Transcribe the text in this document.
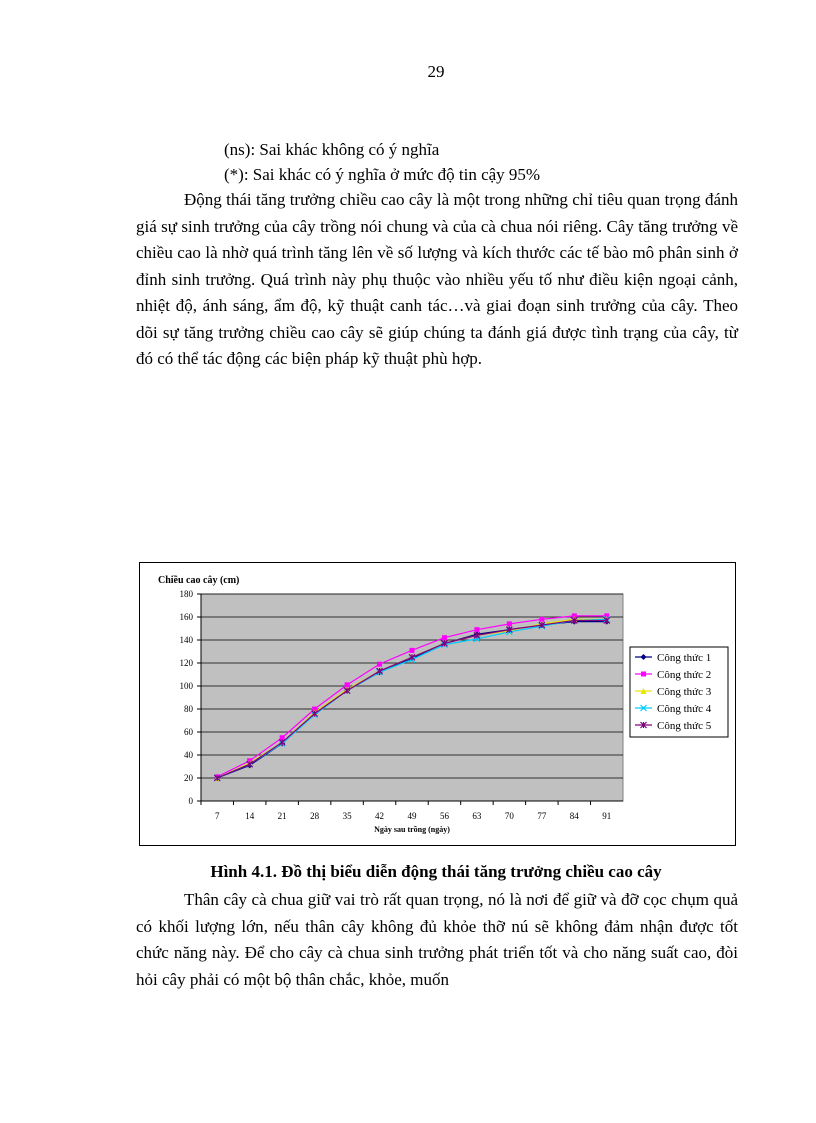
29
(ns): Sai khác không có ý nghĩa
(*): Sai khác có ý nghĩa ở mức độ tin cậy 95%

Động thái tăng trưởng chiều cao cây là một trong những chỉ tiêu quan trọng đánh giá sự sinh trưởng của cây trồng nói chung và của cà chua nói riêng. Cây tăng trưởng về chiều cao là nhờ quá trình tăng lên về số lượng và kích thước các tế bào mô phân sinh ở đỉnh sinh trưởng. Quá trình này phụ thuộc vào nhiều yếu tố như điều kiện ngoại cảnh, nhiệt độ, ánh sáng, ẩm độ, kỹ thuật canh tác…và giai đoạn sinh trưởng của cây. Theo dõi sự tăng trưởng chiều cao cây sẽ giúp chúng ta đánh giá được tình trạng của cây, từ đó có thể tác động các biện pháp kỹ thuật phù hợp.

0
20
40
60
80
100
120
140
160
180
7	14	21	28	35	42	49	56	63	70	77	84	91
Chiều cao cây (cm)
Ngày sau trồng (ngày)
Công thức 1
Công thức 2
Công thức 3
Công thức 4
Công thức 5
Hình 4.1. Đồ thị biểu diễn động thái tăng trưởng chiều cao cây

Thân cây cà chua giữ vai trò rất quan trọng, nó là nơi để giữ và đỡ cọc chụm quả có khối lượng lớn, nếu thân cây không đủ khỏe thỡ nú sẽ không đảm nhận được tốt chức năng này. Để cho cây cà chua sinh trưởng phát triển tốt và cho năng suất cao, đòi hỏi cây phải có một bộ thân chắc, khỏe, muốn
